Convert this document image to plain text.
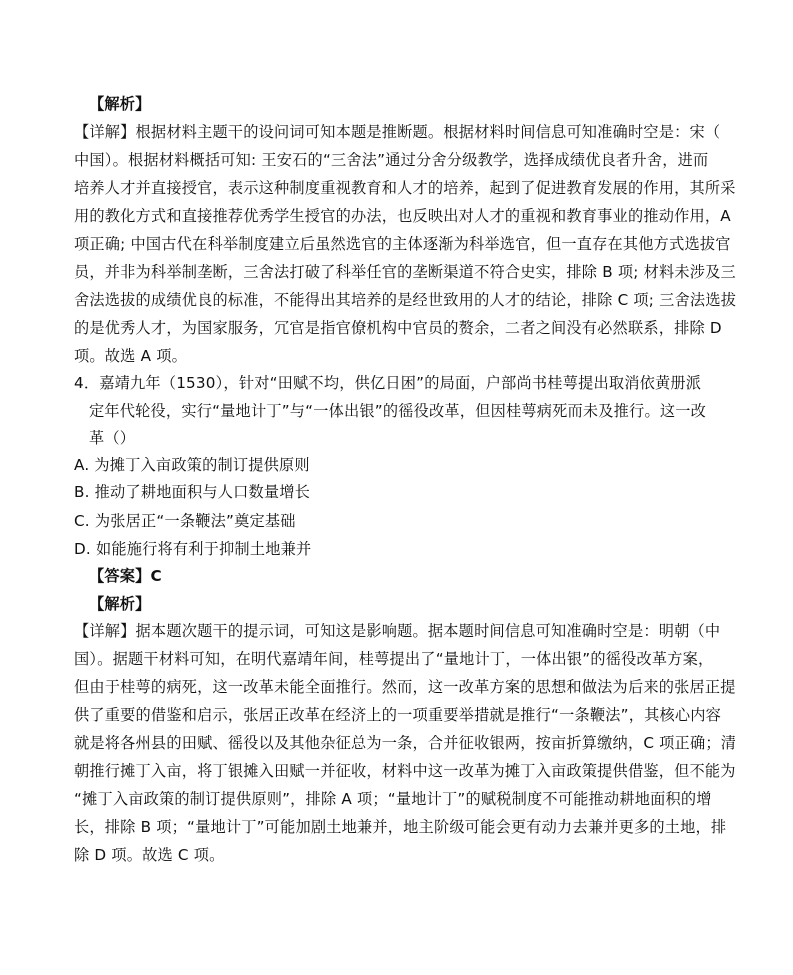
【解析】
【详解】根据材料主题干的设问词可知本题是推断题。根据材料时间信息可知准确时空是：宋（
中国）。根据材料概括可知: 王安石的“三舍法”通过分舍分级教学，选择成绩优良者升舍，进而
培养人才并直接授官，表示这种制度重视教育和人才的培养，起到了促进教育发展的作用，其所采
用的教化方式和直接推荐优秀学生授官的办法，也反映出对人才的重视和教育事业的推动作用，A
项正确; 中国古代在科举制度建立后虽然选官的主体逐渐为科举选官，但一直存在其他方式选拔官
员，并非为科举制垄断，三舍法打破了科举任官的垄断渠道不符合史实，排除 B 项; 材料未涉及三
舍法选拔的成绩优良的标准，不能得出其培养的是经世致用的人才的结论，排除 C 项; 三舍法选拔
的是优秀人才，为国家服务，冗官是指官僚机构中官员的赘余，二者之间没有必然联系，排除 D
项。故选 A 项。
4．嘉靖九年（1530），针对“田赋不均，供亿日困”的局面，户部尚书桂萼提出取消依黄册派
定年代轮役，实行“量地计丁”与“一体出银”的徭役改革，但因桂萼病死而未及推行。这一改
革（）
A. 为摊丁入亩政策的制订提供原则
B. 推动了耕地面积与人口数量增长
C. 为张居正“一条鞭法”奠定基础
D. 如能施行将有利于抑制土地兼并
【答案】C
【解析】
【详解】据本题次题干的提示词，可知这是影响题。据本题时间信息可知准确时空是：明朝（中
国）。据题干材料可知，在明代嘉靖年间，桂萼提出了“量地计丁，一体出银”的徭役改革方案，
但由于桂萼的病死，这一改革未能全面推行。然而，这一改革方案的思想和做法为后来的张居正提
供了重要的借鉴和启示，张居正改革在经济上的一项重要举措就是推行“一条鞭法”，其核心内容
就是将各州县的田赋、徭役以及其他杂征总为一条，合并征收银两，按亩折算缴纳，C 项正确；清
朝推行摊丁入亩，将丁银摊入田赋一并征收，材料中这一改革为摊丁入亩政策提供借鉴，但不能为
“摊丁入亩政策的制订提供原则”，排除 A 项；“量地计丁”的赋税制度不可能推动耕地面积的增
长，排除 B 项；“量地计丁”可能加剧土地兼并，地主阶级可能会更有动力去兼并更多的土地，排
除 D 项。故选 C 项。
